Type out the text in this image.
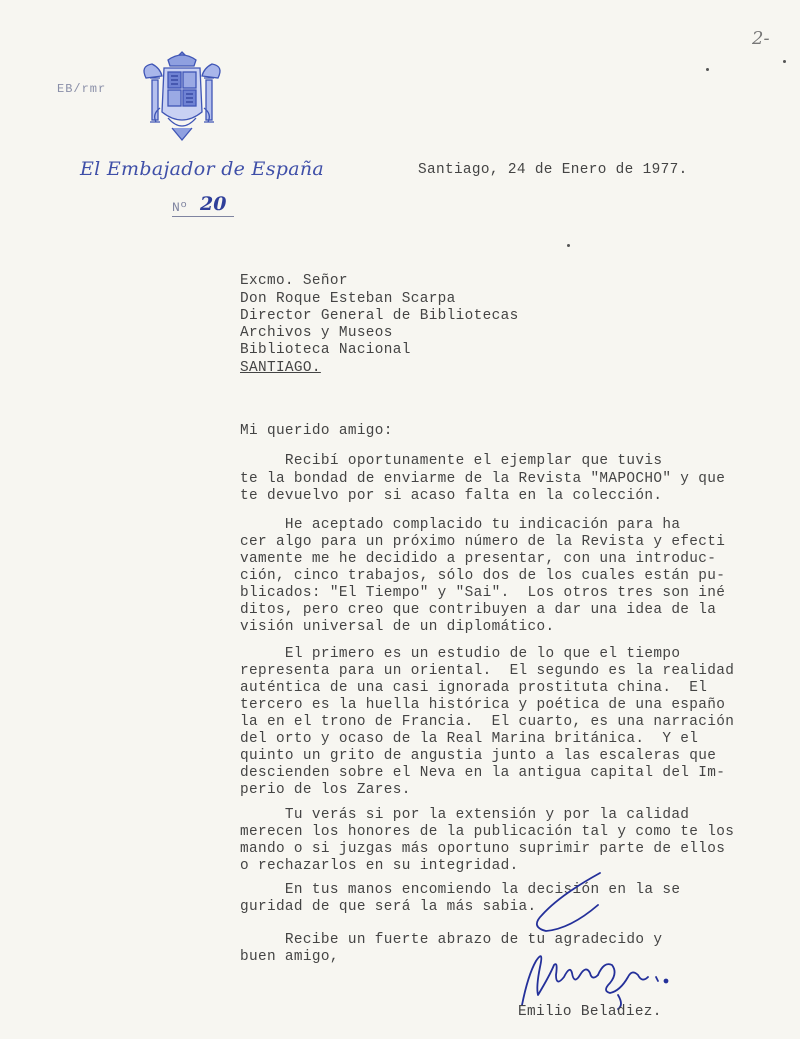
EB/rmr
2-
El Embajador de España
Nº 20
Santiago, 24 de Enero de 1977.
Excmo. Señor
Don Roque Esteban Scarpa
Director General de Bibliotecas
Archivos y Museos
Biblioteca Nacional
SANTIAGO.
Mi querido amigo:
Recibí oportunamente el ejemplar que tuvis
te la bondad de enviarme de la Revista "MAPOCHO" y que
te devuelvo por si acaso falta en la colección.
He aceptado complacido tu indicación para ha
cer algo para un próximo número de la Revista y efecti
vamente me he decidido a presentar, con una introduc-
ción, cinco trabajos, sólo dos de los cuales están pu-
blicados: "El Tiempo" y "Sai".  Los otros tres son iné
ditos, pero creo que contribuyen a dar una idea de la
visión universal de un diplomático.
El primero es un estudio de lo que el tiempo
representa para un oriental.  El segundo es la realidad
auténtica de una casi ignorada prostituta china.  El
tercero es la huella histórica y poética de una españo
la en el trono de Francia.  El cuarto, es una narración
del orto y ocaso de la Real Marina británica.  Y el
quinto un grito de angustia junto a las escaleras que
descienden sobre el Neva en la antigua capital del Im-
perio de los Zares.
Tu verás si por la extensión y por la calidad
merecen los honores de la publicación tal y como te los
mando o si juzgas más oportuno suprimir parte de ellos
o rechazarlos en su integridad.
En tus manos encomiendo la decisión en la se
guridad de que será la más sabia.
Recibe un fuerte abrazo de tu agradecido y
buen amigo,
Emilio Beladiez.
